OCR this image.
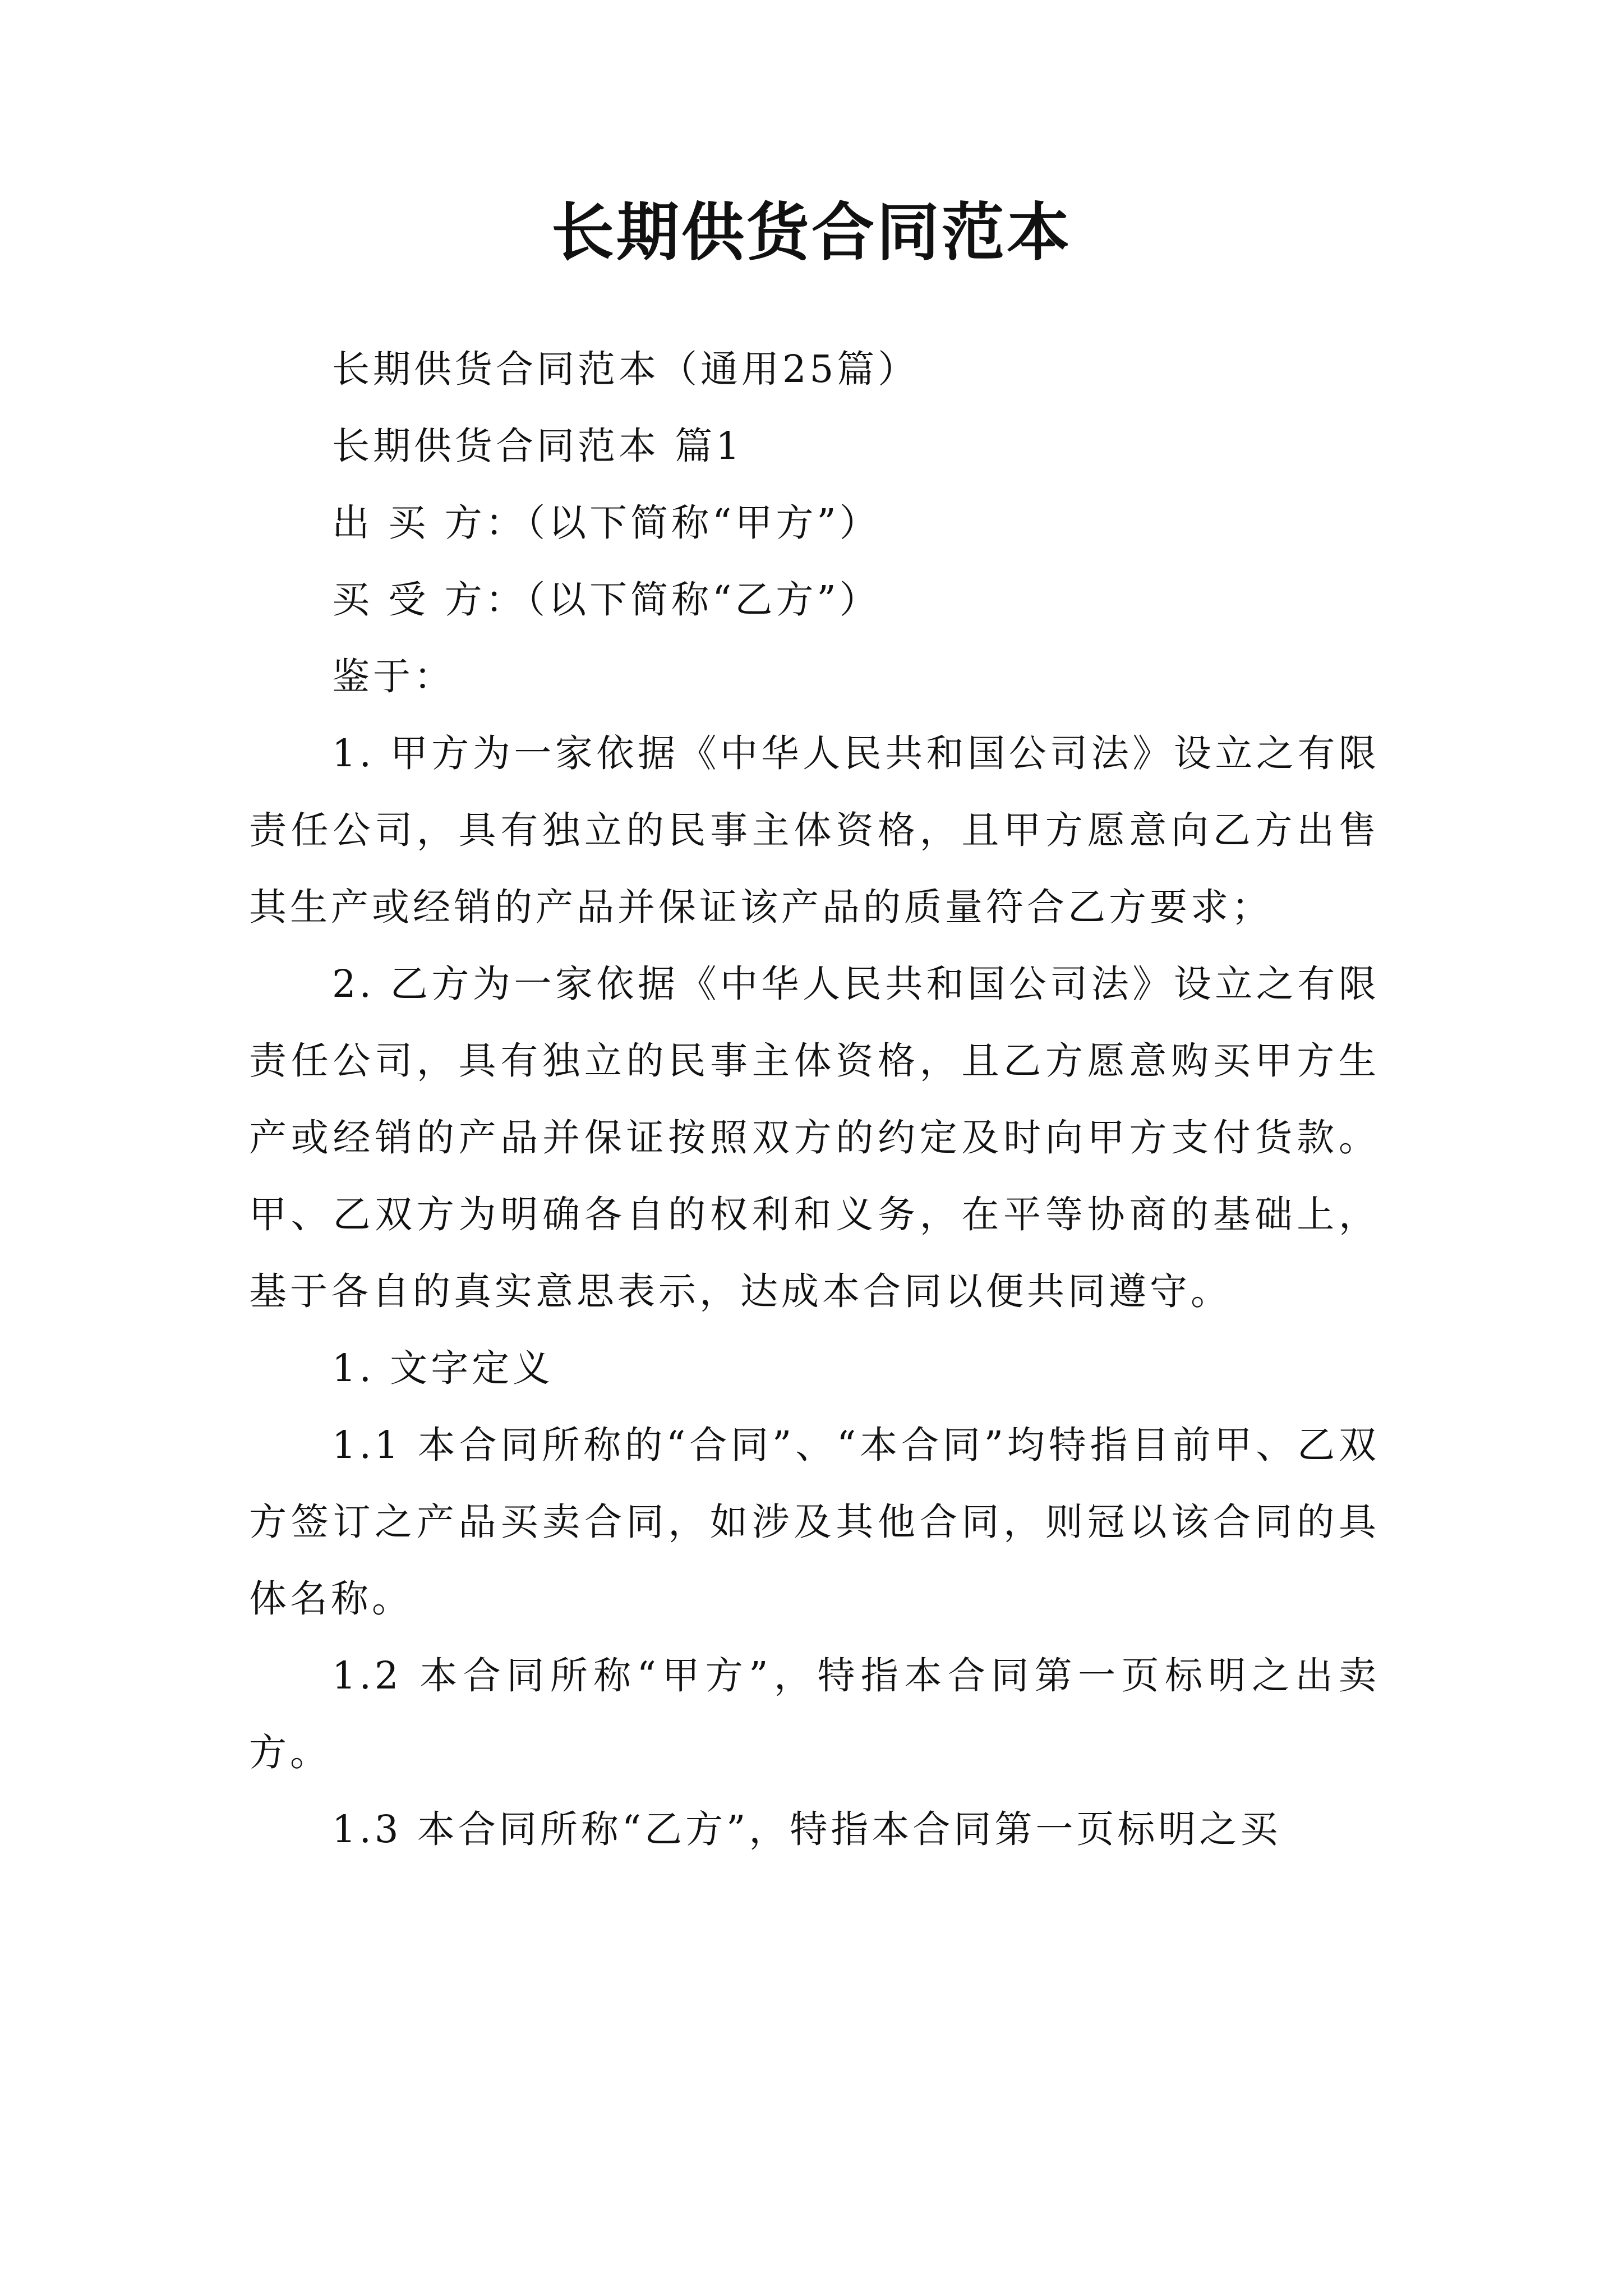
长期供货合同范本

长期供货合同范本（通用25篇）

长期供货合同范本 篇1

出 买 方：（以下简称“甲方”）

买 受 方：（以下简称“乙方”）

鉴于：

1. 甲方为一家依据《中华人民共和国公司法》设立之有限责任公司，具有独立的民事主体资格，且甲方愿意向乙方出售其生产或经销的产品并保证该产品的质量符合乙方要求；

2. 乙方为一家依据《中华人民共和国公司法》设立之有限责任公司，具有独立的民事主体资格，且乙方愿意购买甲方生产或经销的产品并保证按照双方的约定及时向甲方支付货款。 甲、乙双方为明确各自的权利和义务，在平等协商的基础上，基于各自的真实意思表示，达成本合同以便共同遵守。

1. 文字定义

1.1 本合同所称的“合同”、“本合同”均特指目前甲、乙双方签订之产品买卖合同，如涉及其他合同，则冠以该合同的具体名称。

1.2 本合同所称“甲方”，特指本合同第一页标明之出卖方。

1.3 本合同所称“乙方”，特指本合同第一页标明之买
